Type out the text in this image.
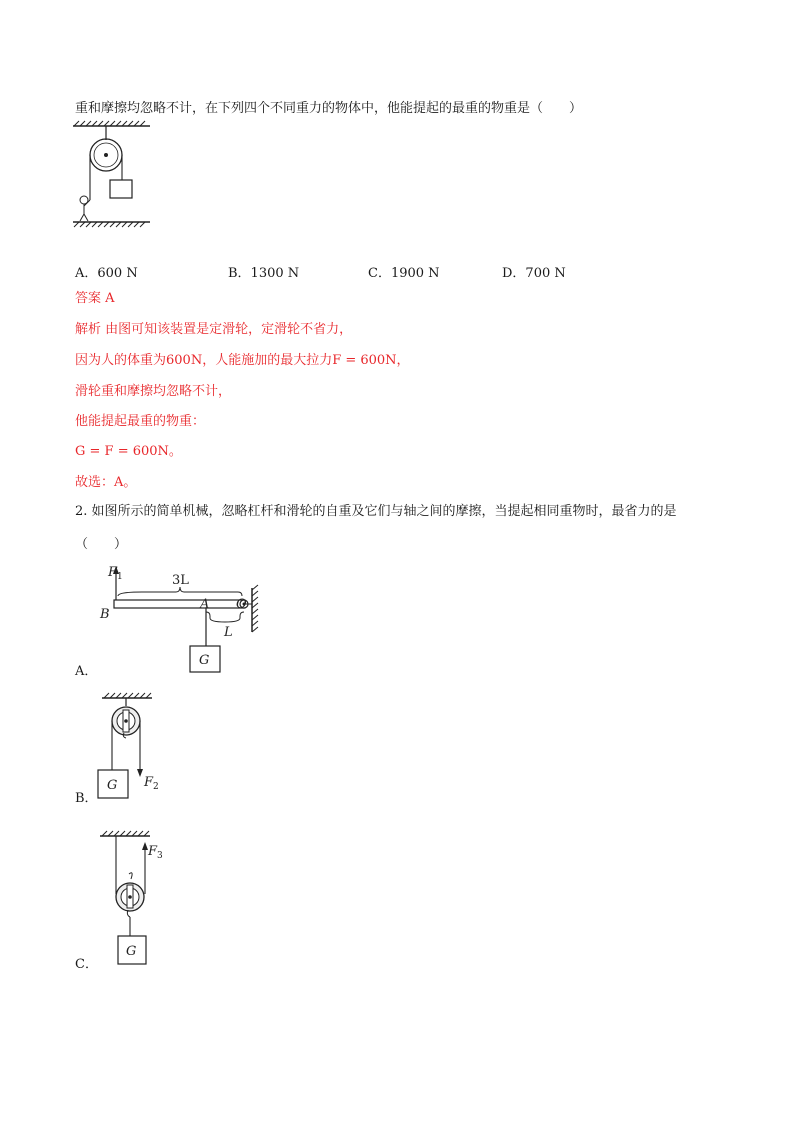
重和摩擦均忽略不计，在下列四个不同重力的物体中，他能提起的最重的物重是（　　）
A．600 N	B．1300 N	C．1900 N	D．700 N
答案 A
解析 由图可知该装置是定滑轮，定滑轮不省力，
因为人的体重为600N，人能施加的最大拉力F = 600N，
滑轮重和摩擦均忽略不计，
他能提起最重的物重：
G = F = 600N。
故选：A。
2. 如图所示的简单机械，忽略杠杆和滑轮的自重及它们与轴之间的摩擦，当提起相同重物时，最省力的是
（　　）
F 1	3L
L
B
A O
G
A．
F 2
G
B．
F 3
G
C．
